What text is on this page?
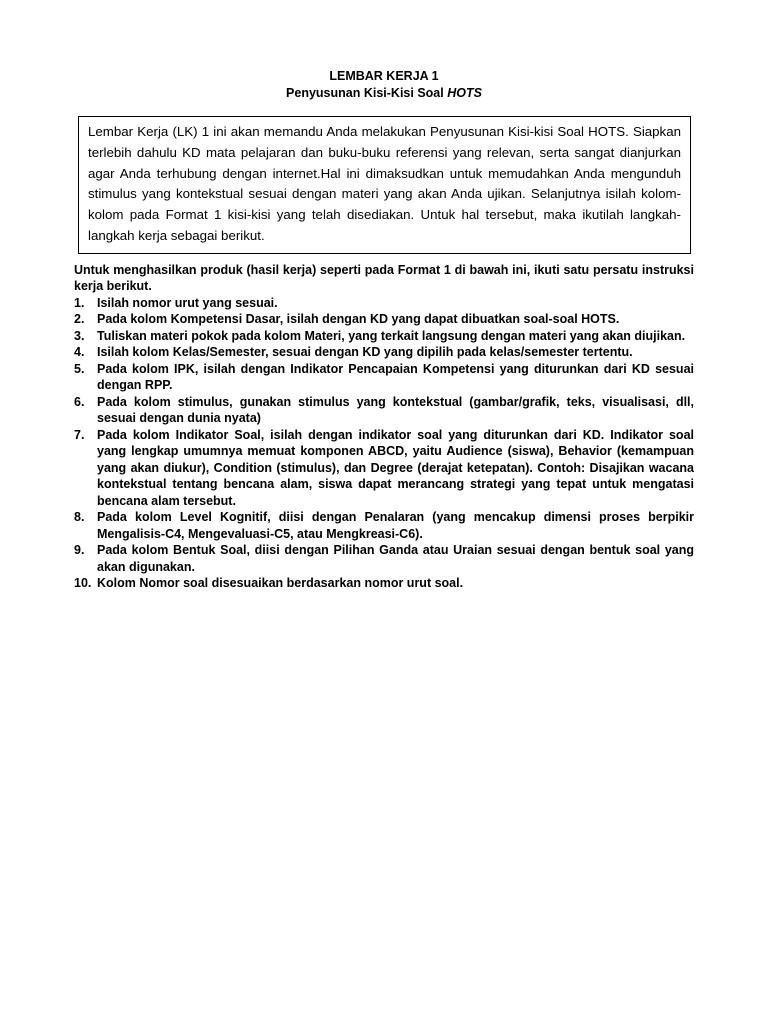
LEMBAR KERJA 1
Penyusunan Kisi-Kisi Soal HOTS
Lembar Kerja (LK) 1 ini akan memandu Anda melakukan Penyusunan Kisi-kisi Soal HOTS. Siapkan terlebih dahulu KD mata pelajaran dan buku-buku referensi yang relevan, serta sangat dianjurkan agar Anda terhubung dengan internet.Hal ini dimaksudkan untuk memudahkan Anda mengunduh stimulus yang kontekstual sesuai dengan materi yang akan Anda ujikan. Selanjutnya isilah kolom-kolom pada Format 1 kisi-kisi yang telah disediakan. Untuk hal tersebut, maka ikutilah langkah-langkah kerja sebagai berikut.
Untuk menghasilkan produk (hasil kerja) seperti pada Format 1 di bawah ini, ikuti satu persatu instruksi kerja berikut.
1. Isilah nomor urut yang sesuai.
2. Pada kolom Kompetensi Dasar, isilah dengan KD yang dapat dibuatkan soal-soal HOTS.
3. Tuliskan materi pokok pada kolom Materi, yang terkait langsung dengan materi yang akan diujikan.
4. Isilah kolom Kelas/Semester, sesuai dengan KD yang dipilih pada kelas/semester tertentu.
5. Pada kolom IPK, isilah dengan Indikator Pencapaian Kompetensi yang diturunkan dari KD sesuai dengan RPP.
6. Pada kolom stimulus, gunakan stimulus yang kontekstual (gambar/grafik, teks, visualisasi, dll, sesuai dengan dunia nyata)
7. Pada kolom Indikator Soal, isilah dengan indikator soal yang diturunkan dari KD. Indikator soal yang lengkap umumnya memuat komponen ABCD, yaitu Audience (siswa), Behavior (kemampuan yang akan diukur), Condition (stimulus), dan Degree (derajat ketepatan). Contoh: Disajikan wacana kontekstual tentang bencana alam, siswa dapat merancang strategi yang tepat untuk mengatasi bencana alam tersebut.
8. Pada kolom Level Kognitif, diisi dengan Penalaran (yang mencakup dimensi proses berpikir Mengalisis-C4, Mengevaluasi-C5, atau Mengkreasi-C6).
9. Pada kolom Bentuk Soal, diisi dengan Pilihan Ganda atau Uraian sesuai dengan bentuk soal yang akan digunakan.
10. Kolom Nomor soal disesuaikan berdasarkan nomor urut soal.
